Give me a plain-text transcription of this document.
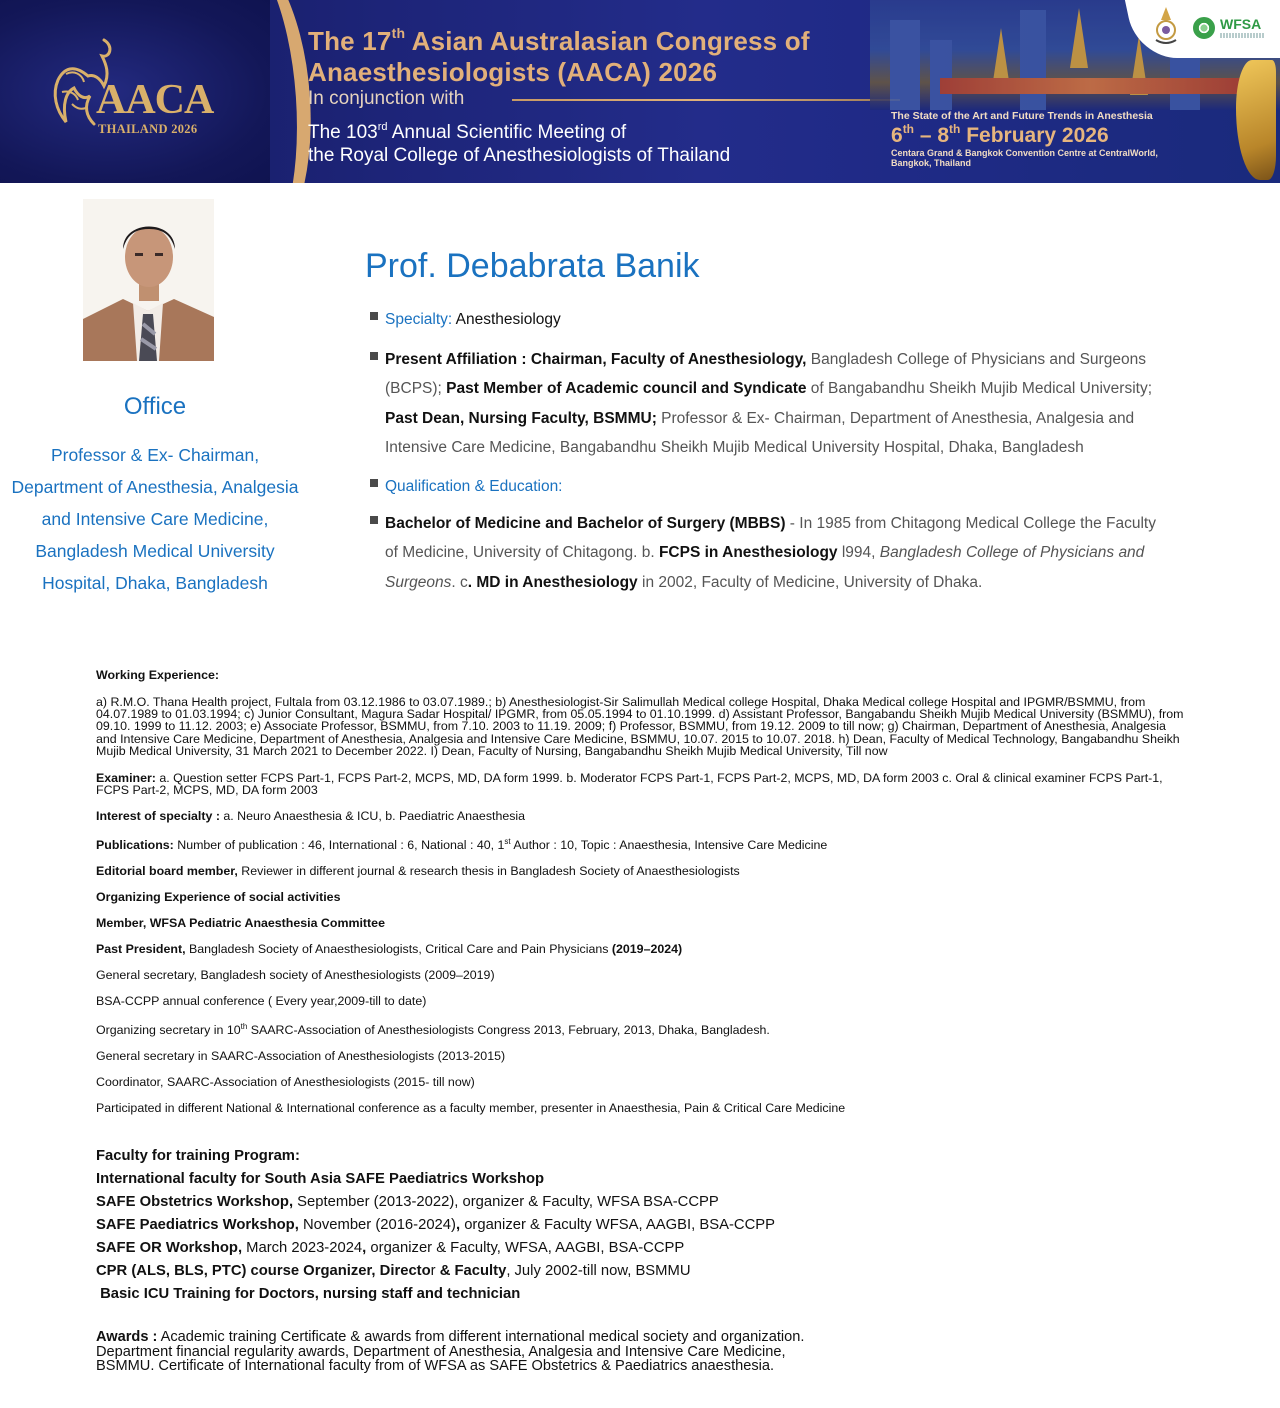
AACA
THAILAND 2026
The 17th Asian Australasian Congress of
Anaesthesiologists (AACA) 2026
In conjunction with
The 103rd Annual Scientific Meeting of
the Royal College of Anesthesiologists of Thailand
WFSA
The State of the Art and Future Trends in Anesthesia
6th – 8th February 2026
Centara Grand & Bangkok Convention Centre at CentralWorld,
Bangkok, Thailand
Office
Professor & Ex- Chairman, Department of Anesthesia, Analgesia and Intensive Care Medicine, Bangladesh Medical University Hospital, Dhaka, Bangladesh
Prof. Debabrata Banik
Specialty: Anesthesiology
Present Affiliation : Chairman, Faculty of Anesthesiology, Bangladesh College of Physicians and Surgeons (BCPS); Past Member of Academic council and Syndicate of Bangabandhu Sheikh Mujib Medical University; Past Dean, Nursing Faculty, BSMMU; Professor & Ex- Chairman, Department of Anesthesia, Analgesia and Intensive Care Medicine, Bangabandhu Sheikh Mujib Medical University Hospital, Dhaka, Bangladesh
Qualification & Education:
Bachelor of Medicine and Bachelor of Surgery (MBBS) - In 1985 from Chitagong Medical College the Faculty of Medicine, University of Chitagong. b. FCPS in Anesthesiology l994, Bangladesh College of Physicians and Surgeons. c. MD in Anesthesiology in 2002, Faculty of Medicine, University of Dhaka.
Working Experience:
a) R.M.O. Thana Health project, Fultala from 03.12.1986 to 03.07.1989.; b) Anesthesiologist-Sir Salimullah Medical college Hospital, Dhaka Medical college Hospital and IPGMR/BSMMU, from 04.07.1989 to 01.03.1994; c) Junior Consultant, Magura Sadar Hospital/ IPGMR, from 05.05.1994 to 01.10.1999. d) Assistant Professor, Bangabandu Sheikh Mujib Medical University (BSMMU), from 09.10. 1999 to 11.12. 2003; e) Associate Professor, BSMMU, from 7.10. 2003 to 11.19. 2009; f) Professor, BSMMU, from 19.12. 2009 to till now; g) Chairman, Department of Anesthesia, Analgesia and Intensive Care Medicine, Department of Anesthesia, Analgesia and Intensive Care Medicine, BSMMU, 10.07. 2015 to 10.07. 2018. h) Dean, Faculty of Medical Technology, Bangabandhu Sheikh Mujib Medical University, 31 March 2021 to December 2022. I) Dean, Faculty of Nursing, Bangabandhu Sheikh Mujib Medical University, Till now
Examiner: a. Question setter FCPS Part-1, FCPS Part-2, MCPS, MD, DA form 1999. b. Moderator FCPS Part-1, FCPS Part-2, MCPS, MD, DA form 2003 c. Oral & clinical examiner FCPS Part-1, FCPS Part-2, MCPS, MD, DA form 2003
Interest of specialty : a. Neuro Anaesthesia & ICU, b. Paediatric Anaesthesia
Publications: Number of publication : 46, International : 6, National : 40, 1st Author : 10, Topic : Anaesthesia, Intensive Care Medicine
Editorial board member, Reviewer in different journal & research thesis in Bangladesh Society of Anaesthesiologists
Organizing Experience of social activities
Member, WFSA Pediatric Anaesthesia Committee
Past President, Bangladesh Society of Anaesthesiologists, Critical Care and Pain Physicians (2019–2024)
General secretary, Bangladesh society of Anesthesiologists (2009–2019)
BSA-CCPP annual conference ( Every year,2009-till to date)
Organizing secretary in 10th SAARC-Association of Anesthesiologists Congress 2013, February, 2013, Dhaka, Bangladesh.
General secretary in SAARC-Association of Anesthesiologists (2013-2015)
Coordinator, SAARC-Association of Anesthesiologists (2015- till now)
Participated in different National & International conference as a faculty member, presenter in Anaesthesia, Pain & Critical Care Medicine
Faculty for training Program:
International faculty for South Asia SAFE Paediatrics Workshop
SAFE Obstetrics Workshop, September (2013-2022), organizer & Faculty, WFSA BSA-CCPP
SAFE Paediatrics Workshop, November (2016-2024), organizer & Faculty WFSA, AAGBI, BSA-CCPP
SAFE OR Workshop, March 2023-2024, organizer & Faculty, WFSA, AAGBI, BSA-CCPP
CPR (ALS, BLS, PTC) course Organizer, Director & Faculty, July 2002-till now, BSMMU
Basic ICU Training for Doctors, nursing staff and technician
Awards : Academic training Certificate & awards from different international medical society and organization. Department financial regularity awards, Department of Anesthesia, Analgesia and Intensive Care Medicine, BSMMU. Certificate of International faculty from of WFSA as SAFE Obstetrics & Paediatrics anaesthesia.
